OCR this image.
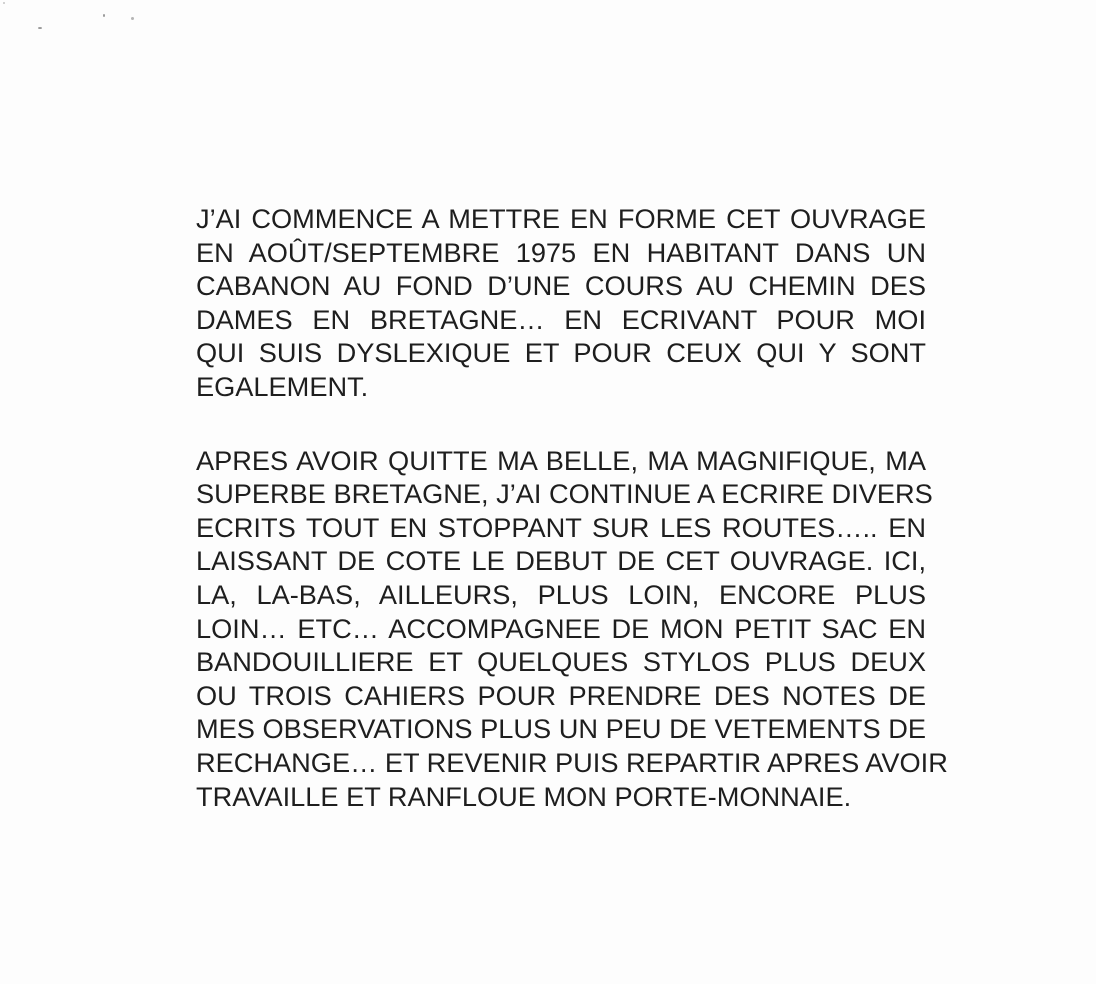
J’AI COMMENCE A METTRE EN FORME CET OUVRAGE
EN AOÛT/SEPTEMBRE 1975 EN HABITANT DANS UN
CABANON AU FOND D’UNE COURS AU CHEMIN DES
DAMES EN BRETAGNE… EN ECRIVANT POUR MOI
QUI SUIS DYSLEXIQUE ET POUR CEUX QUI Y SONT
EGALEMENT.

APRES AVOIR QUITTE MA BELLE, MA MAGNIFIQUE, MA
SUPERBE BRETAGNE, J’AI CONTINUE A ECRIRE DIVERS
ECRITS TOUT EN STOPPANT SUR LES ROUTES….. EN
LAISSANT DE COTE LE DEBUT DE CET OUVRAGE. ICI,
LA, LA-BAS, AILLEURS, PLUS LOIN, ENCORE PLUS
LOIN… ETC… ACCOMPAGNEE DE MON PETIT SAC EN
BANDOUILLIERE ET QUELQUES STYLOS PLUS DEUX
OU TROIS CAHIERS POUR PRENDRE DES NOTES DE
MES OBSERVATIONS PLUS UN PEU DE VETEMENTS DE
RECHANGE… ET REVENIR PUIS REPARTIR APRES AVOIR
TRAVAILLE ET RANFLOUE MON PORTE-MONNAIE.
